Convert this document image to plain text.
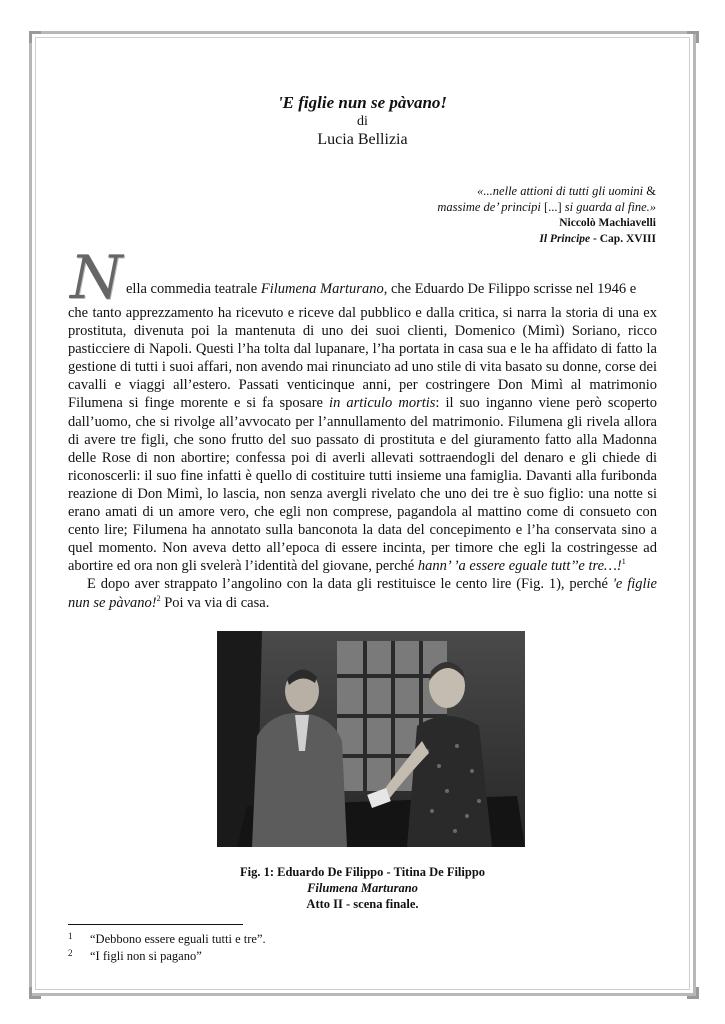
'E figlie nun se pàvano!
di
Lucia Bellizia
«...nelle attioni di tutti gli uomini &
massime de’ principi [...] si guarda al fine.»
Niccolò Machiavelli
Il Principe - Cap. XVIII
N ella commedia teatrale Filumena Marturano, che Eduardo De Filippo scrisse nel 1946 e

che tanto apprezzamento ha ricevuto e riceve dal pubblico e dalla critica, si narra la storia di una ex prostituta, divenuta poi la mantenuta di uno dei suoi clienti, Domenico (Mimì) Soriano, ricco pasticciere di Napoli. Questi l’ha tolta dal lupanare, l’ha portata in casa sua e le ha affidato di fatto la gestione di tutti i suoi affari, non avendo mai rinunciato ad uno stile di vita basato su donne, corse dei cavalli e viaggi all’estero. Passati venticinque anni, per costringere Don Mimì al matrimonio Filumena si finge morente e si fa sposare in articulo mortis: il suo inganno viene però scoperto dall’uomo, che si rivolge all’avvocato per l’annullamento del matrimonio. Filumena gli rivela allora di avere tre figli, che sono frutto del suo passato di prostituta e del giuramento fatto alla Madonna delle Rose di non abortire; confessa poi di averli allevati sottraendogli del denaro e gli chiede di riconoscerli: il suo fine infatti è quello di costituire tutti insieme una famiglia. Davanti alla furibonda reazione di Don Mimì, lo lascia, non senza avergli rivelato che uno dei tre è suo figlio: una notte si erano amati di un amore vero, che egli non comprese, pagandola al mattino come di consueto con cento lire; Filumena ha annotato sulla banconota la data del concepimento e l’ha conservata sino a quel momento. Non aveva detto all’epoca di essere incinta, per timore che egli la costringesse ad abortire ed ora non gli svelerà l’identità del giovane, perché hann’ ’a essere eguale tutt’’e tre…!$^1$

E dopo aver strappato l’angolino con la data gli restituisce le cento lire (Fig. 1), perché 'e figlie nun se pàvano!$^2$ Poi va via di casa.

Fig. 1: Eduardo De Filippo - Titina De Filippo
Filumena Marturano
Atto II - scena finale.
1	“Debbono essere eguali tutti e tre”.
2	“I figli non si pagano”
